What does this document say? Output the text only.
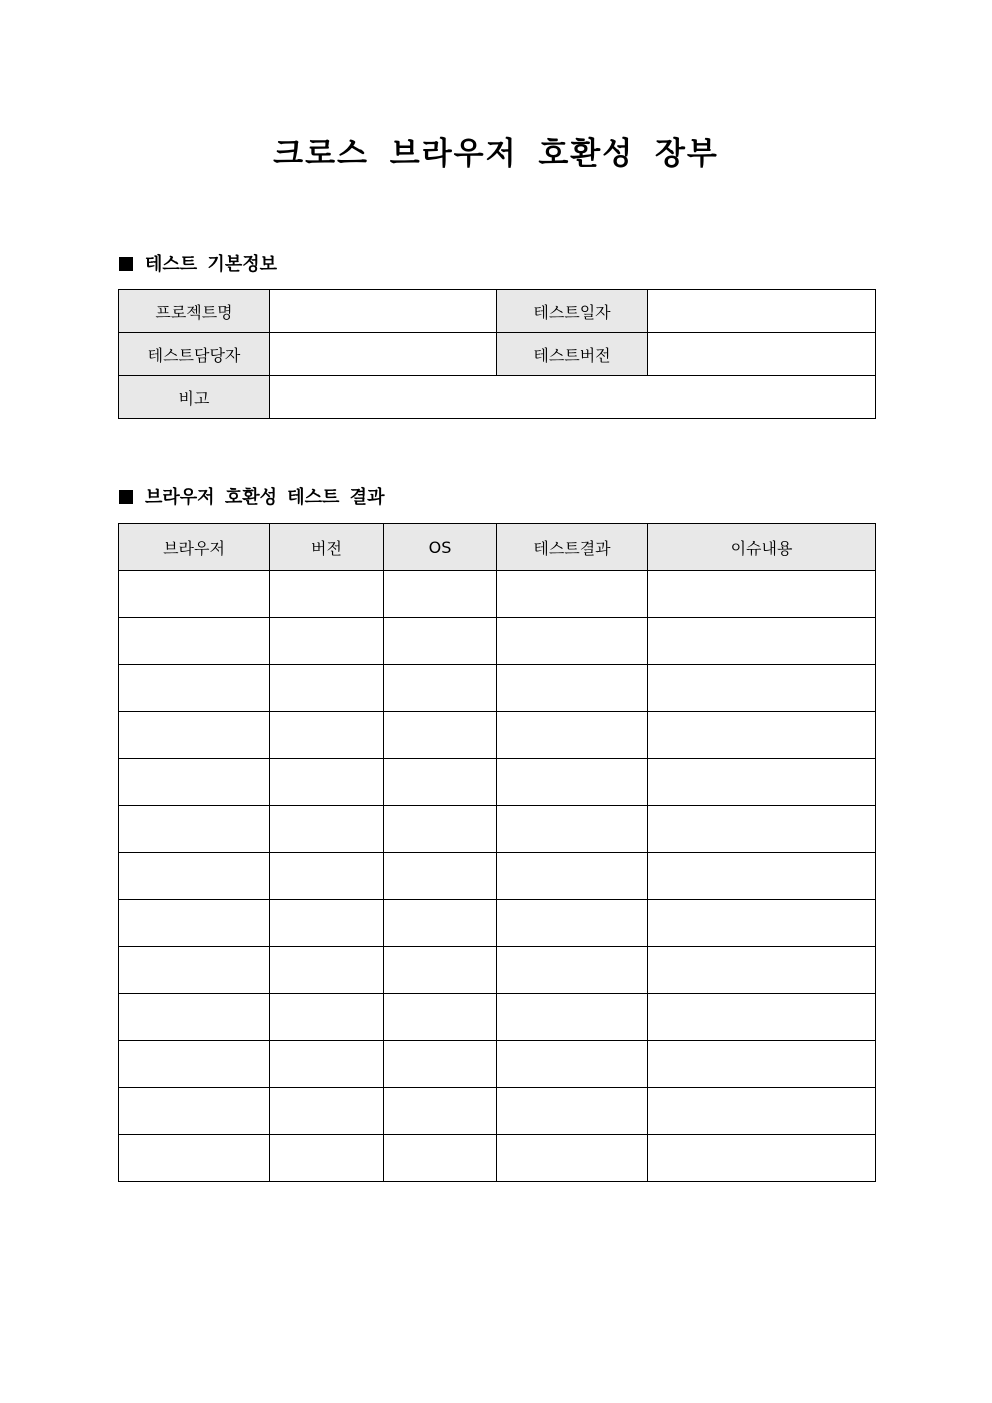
크로스 브라우저 호환성 장부
테스트 기본정보
프로젝트명		테스트일자	
테스트담당자		테스트버전	
비고			
브라우저 호환성 테스트 결과
브라우저	버전	OS	테스트결과	이슈내용
